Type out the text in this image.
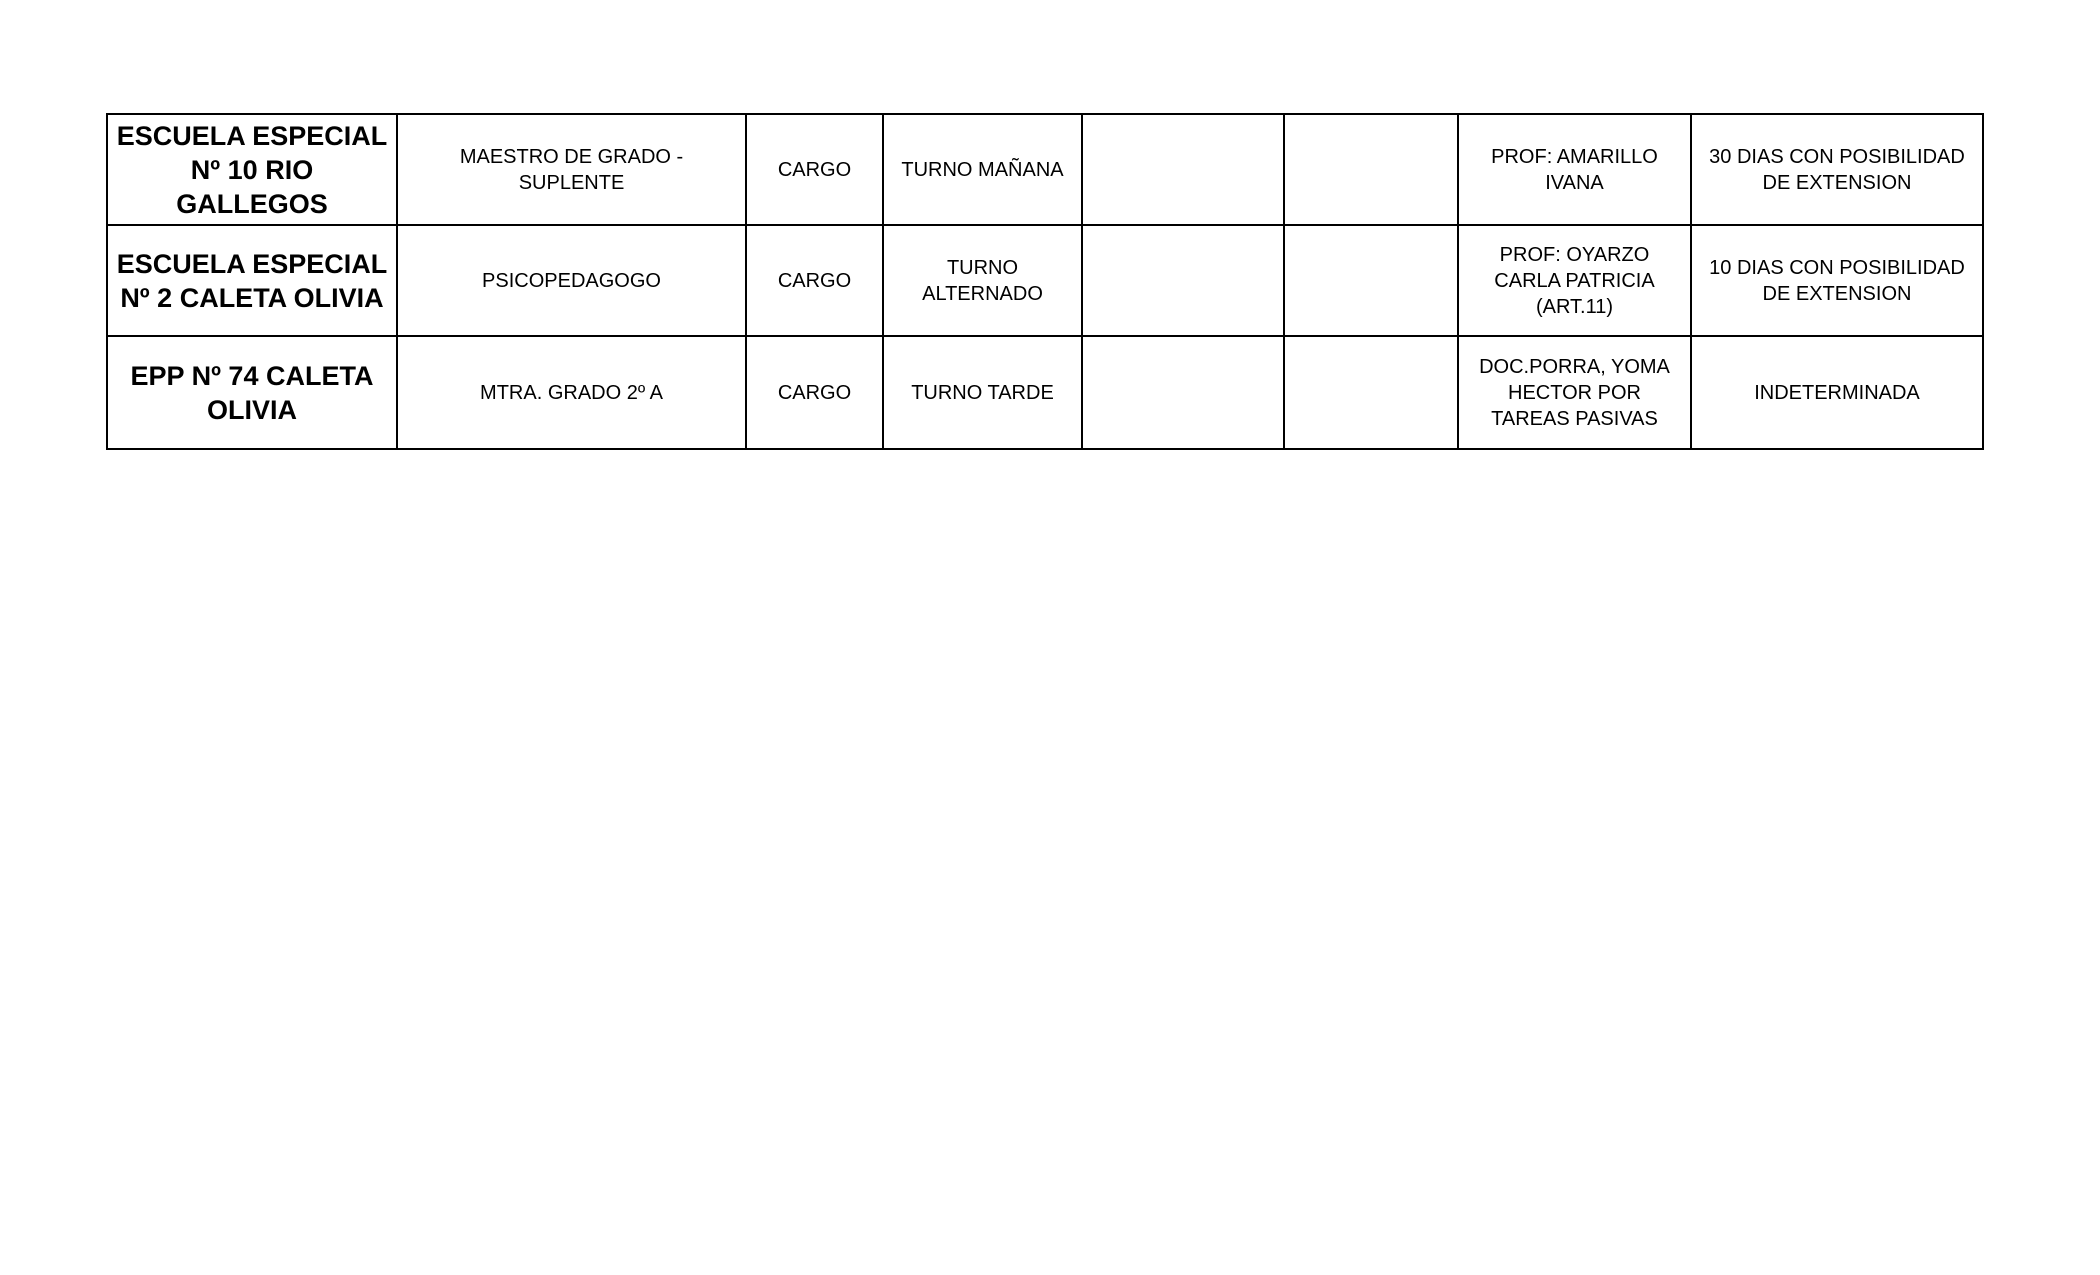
ESCUELA ESPECIAL Nº 10 RIO GALLEGOS	MAESTRO DE GRADO - SUPLENTE	CARGO	TURNO MAÑANA			PROF: AMARILLO IVANA	30 DIAS CON POSIBILIDAD DE EXTENSION
ESCUELA ESPECIAL Nº 2 CALETA OLIVIA	PSICOPEDAGOGO	CARGO	TURNO ALTERNADO			PROF: OYARZO CARLA PATRICIA (ART.11)	10 DIAS CON POSIBILIDAD DE EXTENSION
EPP Nº 74 CALETA OLIVIA	MTRA. GRADO 2º A	CARGO	TURNO TARDE			DOC.PORRA, YOMA HECTOR POR TAREAS PASIVAS	INDETERMINADA
